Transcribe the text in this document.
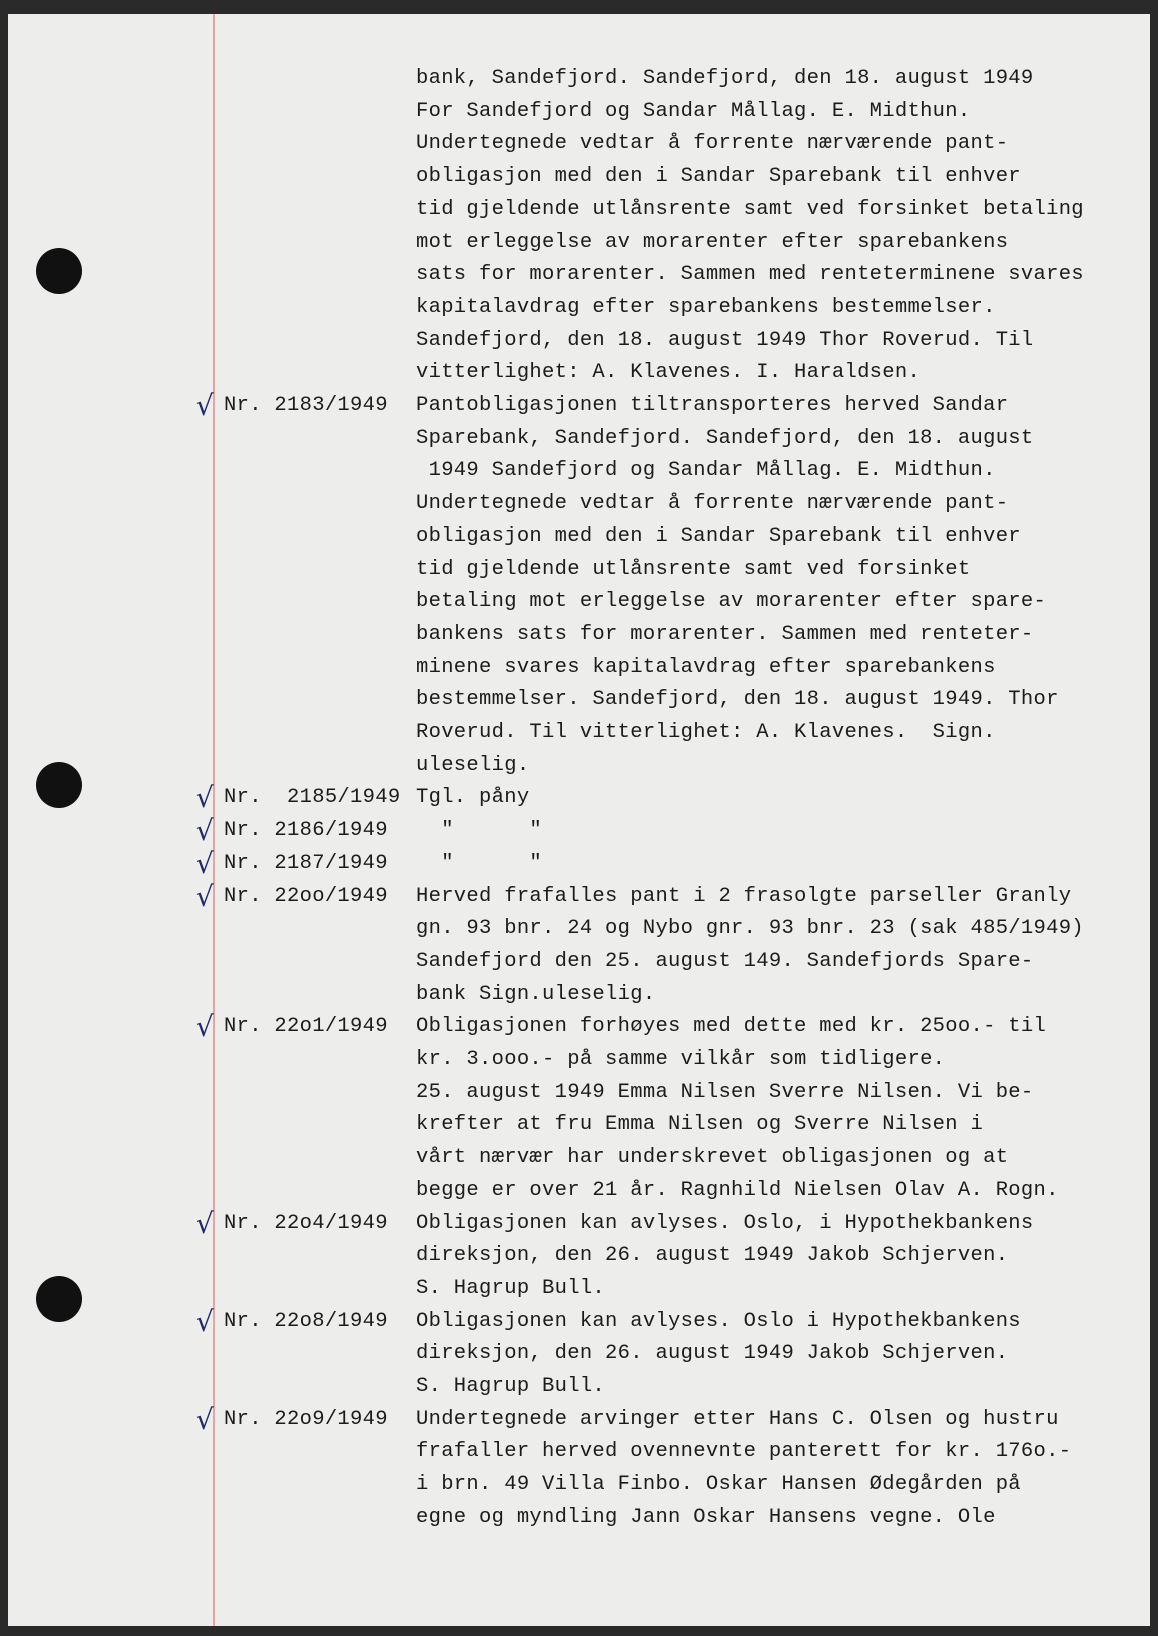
bank, Sandefjord. Sandefjord, den 18. august 1949
For Sandefjord og Sandar Mållag. E. Midthun.
Undertegnede vedtar å forrente nærværende pant-
obligasjon med den i Sandar Sparebank til enhver
tid gjeldende utlånsrente samt ved forsinket betaling
mot erleggelse av morarenter efter sparebankens
sats for morarenter. Sammen med renteterminene svares
kapitalavdrag efter sparebankens bestemmelser.
Sandefjord, den 18. august 1949 Thor Roverud. Til
vitterlighet: A. Klavenes. I. Haraldsen.
√ Nr. 2183/1949 Pantobligasjonen tiltransporteres herved Sandar
Sparebank, Sandefjord. Sandefjord, den 18. august
1949 Sandefjord og Sandar Mållag. E. Midthun.
Undertegnede vedtar å forrente nærværende pant-
obligasjon med den i Sandar Sparebank til enhver
tid gjeldende utlånsrente samt ved forsinket
betaling mot erleggelse av morarenter efter spare-
bankens sats for morarenter. Sammen med renteter-
minene svares kapitalavdrag efter sparebankens
bestemmelser. Sandefjord, den 18. august 1949. Thor
Roverud. Til vitterlighet: A. Klavenes.  Sign.
uleselig.
√ Nr.  2185/1949 Tgl. påny
√ Nr. 2186/1949 "      "
√ Nr. 2187/1949 "      "
√ Nr. 22oo/1949 Herved frafalles pant i 2 frasolgte parseller Granly
gn. 93 bnr. 24 og Nybo gnr. 93 bnr. 23 (sak 485/1949)
Sandefjord den 25. august 149. Sandefjords Spare-
bank Sign.uleselig.
√ Nr. 22o1/1949 Obligasjonen forhøyes med dette med kr. 25oo.- til
kr. 3.ooo.- på samme vilkår som tidligere.
25. august 1949 Emma Nilsen Sverre Nilsen. Vi be-
krefter at fru Emma Nilsen og Sverre Nilsen i
vårt nærvær har underskrevet obligasjonen og at
begge er over 21 år. Ragnhild Nielsen Olav A. Rogn.
√ Nr. 22o4/1949 Obligasjonen kan avlyses. Oslo, i Hypothekbankens
direksjon, den 26. august 1949 Jakob Schjerven.
S. Hagrup Bull.
√ Nr. 22o8/1949 Obligasjonen kan avlyses. Oslo i Hypothekbankens
direksjon, den 26. august 1949 Jakob Schjerven.
S. Hagrup Bull.
√ Nr. 22o9/1949 Undertegnede arvinger etter Hans C. Olsen og hustru
frafaller herved ovennevnte panterett for kr. 176o.-
i brn. 49 Villa Finbo. Oskar Hansen Ødegården på
egne og myndling Jann Oskar Hansens vegne. Ole
